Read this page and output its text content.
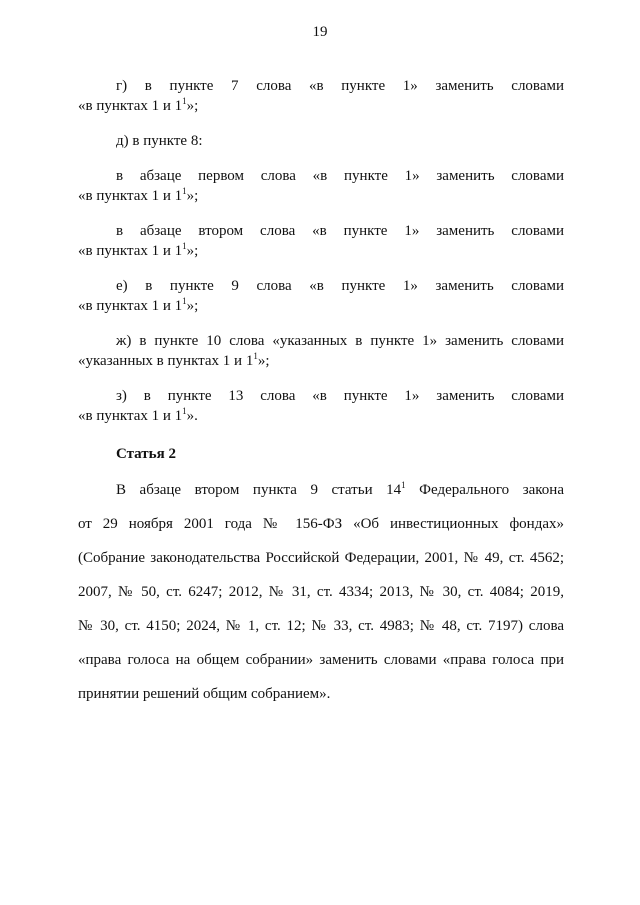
19
г) в пункте 7 слова «в пункте 1» заменить словами
«в пунктах 1 и $1^1$»;
д) в пункте 8:
в абзаце первом слова «в пункте 1» заменить словами
«в пунктах 1 и $1^1$»;
в абзаце втором слова «в пункте 1» заменить словами
«в пунктах 1 и $1^1$»;
е) в пункте 9 слова «в пункте 1» заменить словами
«в пунктах 1 и $1^1$»;
ж) в пункте 10 слова «указанных в пункте 1» заменить словами
«указанных в пунктах 1 и $1^1$»;
з) в пункте 13 слова «в пункте 1» заменить словами
«в пунктах 1 и $1^1$».
Статья 2
В абзаце втором пункта 9 статьи $14^1$ Федерального закона
от 29 ноября 2001 года № 156-ФЗ «Об инвестиционных фондах»
(Собрание законодательства Российской Федерации, 2001, № 49, ст. 4562;
2007, № 50, ст. 6247; 2012, № 31, ст. 4334; 2013, № 30, ст. 4084; 2019,
№ 30, ст. 4150; 2024, № 1, ст. 12; № 33, ст. 4983; № 48, ст. 7197) слова
«права голоса на общем собрании» заменить словами «права голоса при
принятии решений общим собранием».
